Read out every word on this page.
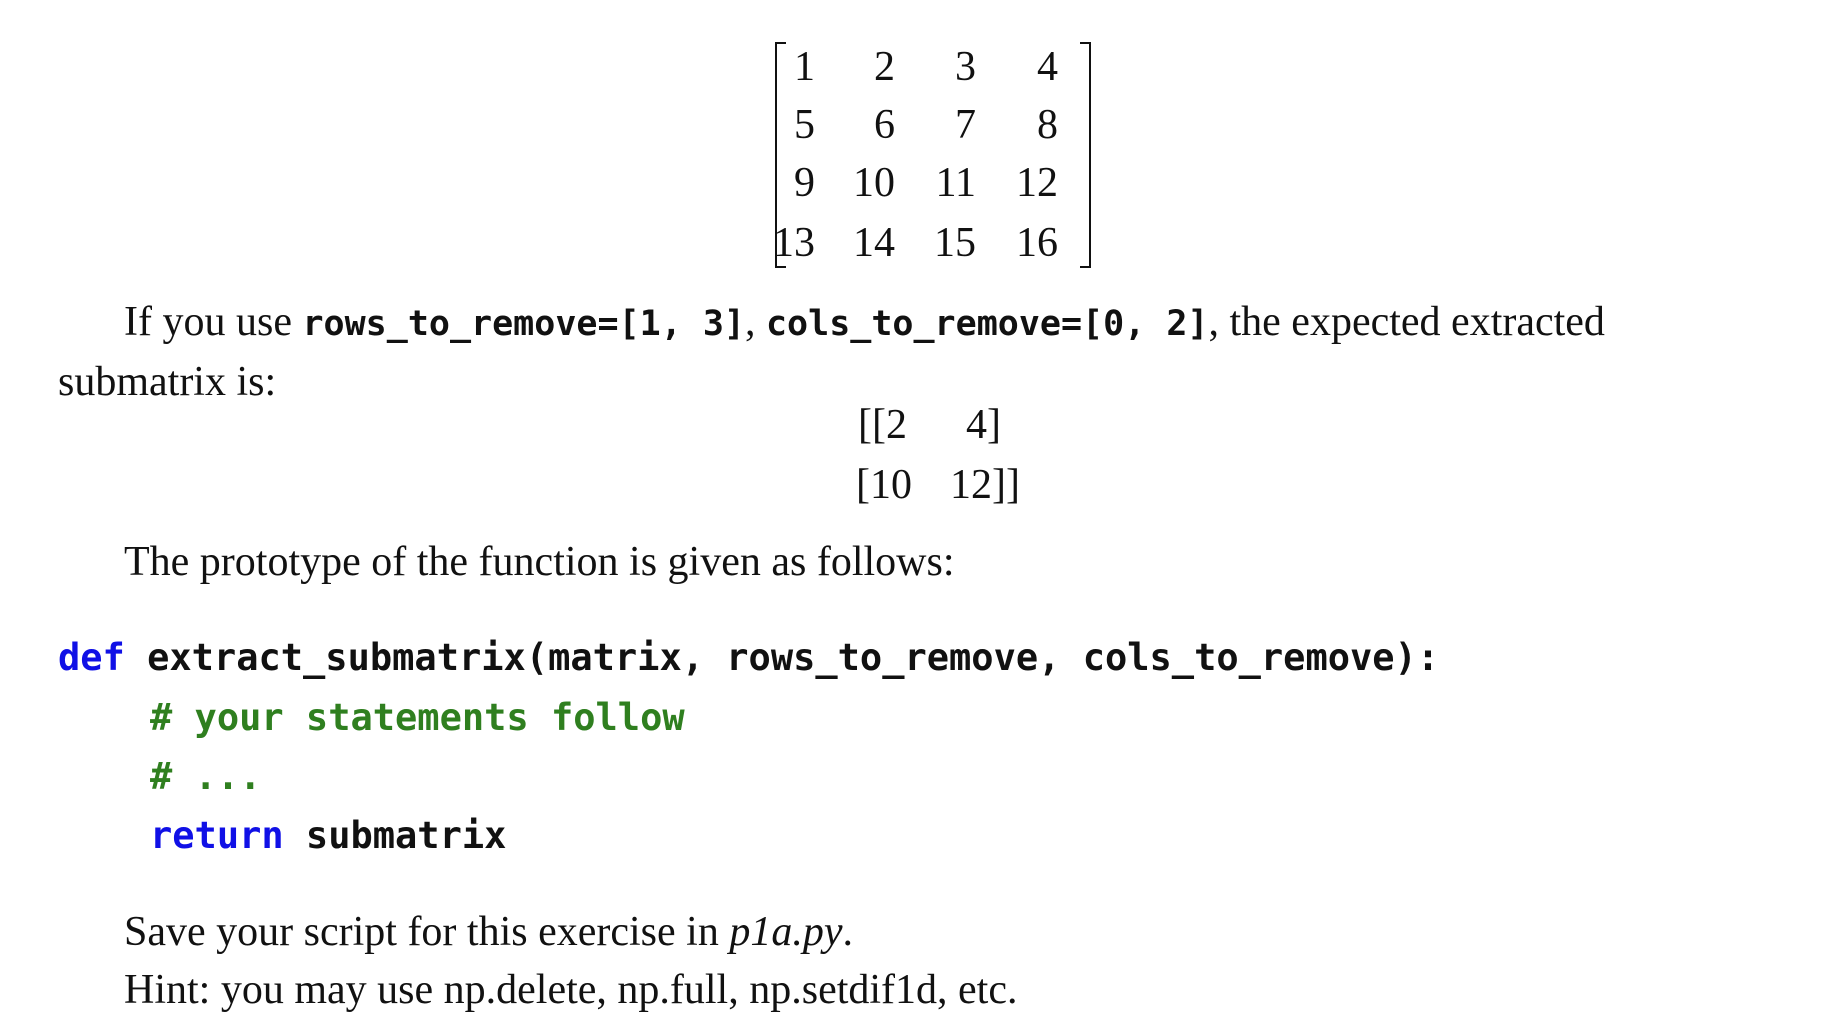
1	2	3	4
5	6	7	8
9 10 11 12
13 14 15 16
If you use rows_to_remove=[1, 3], cols_to_remove=[0, 2], the expected extracted
submatrix is:
[[2 4]
[10 12]]
The prototype of the function is given as follows:
def extract_submatrix(matrix, rows_to_remove, cols_to_remove):
# your statements follow
# ...
return submatrix
Save your script for this exercise in p1a.py.
Hint: you may use np.delete, np.full, np.setdif1d, etc.
